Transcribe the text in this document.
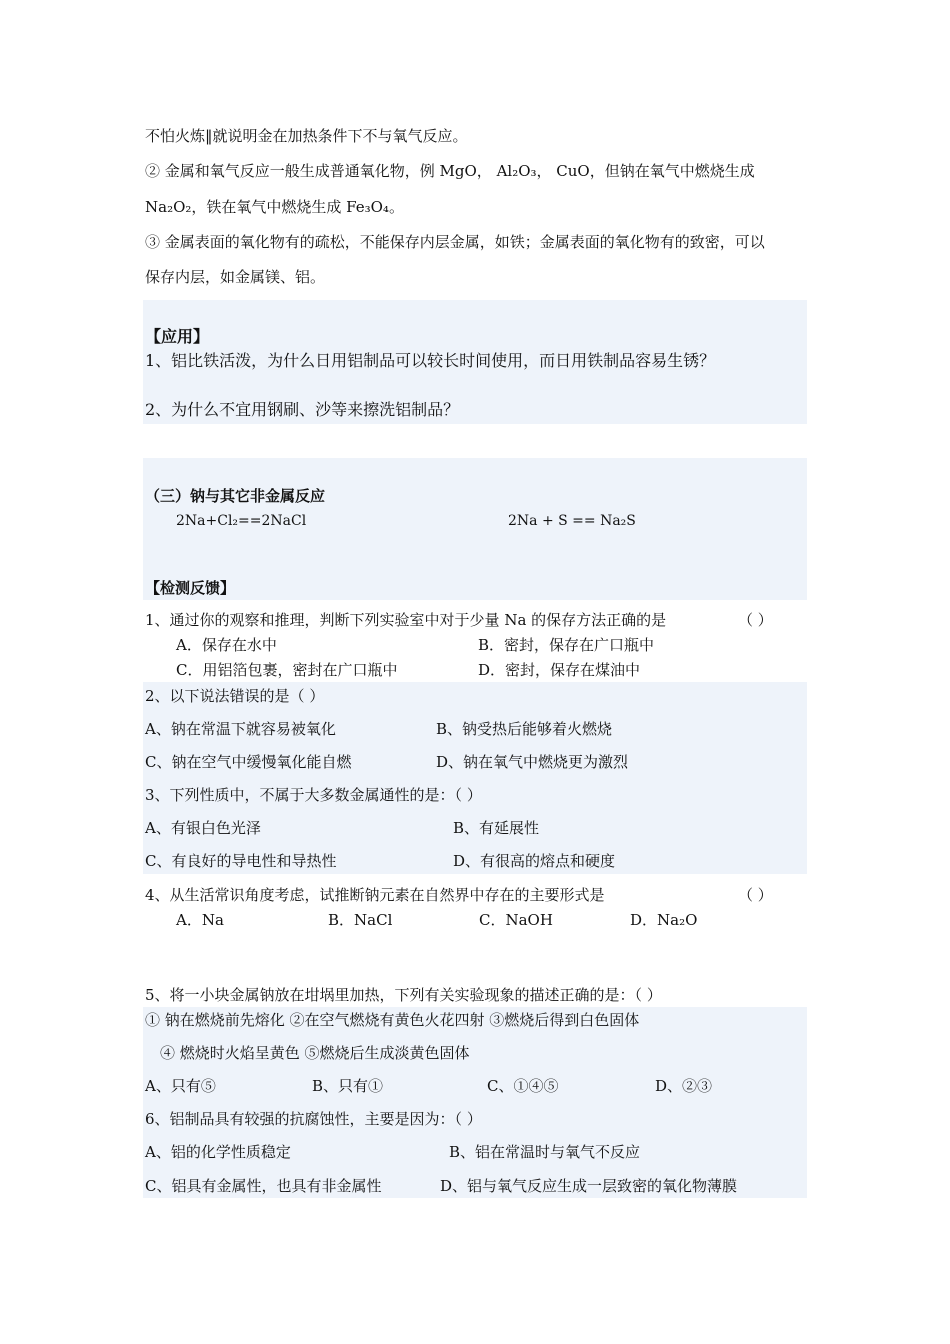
不怕火炼‖就说明金在加热条件下不与氧气反应。
② 金属和氧气反应一般生成普通氧化物，例 MgO， Al₂O₃， CuO，但钠在氧气中燃烧生成
Na₂O₂，铁在氧气中燃烧生成 Fe₃O₄。
③ 金属表面的氧化物有的疏松，不能保存内层金属，如铁；金属表面的氧化物有的致密，可以
保存内层，如金属镁、铝。
【应用】
1、铝比铁活泼，为什么日用铝制品可以较长时间使用，而日用铁制品容易生锈？
2、为什么不宜用钢刷、沙等来擦洗铝制品？
（三）钠与其它非金属反应
2Na+Cl₂==2NaCl	2Na + S == Na₂S
【检测反馈】
1、通过你的观察和推理，判断下列实验室中对于少量 Na 的保存方法正确的是	（ ）
A．保存在水中	B．密封，保存在广口瓶中
C．用铝箔包裹，密封在广口瓶中	D．密封，保存在煤油中
2、以下说法错误的是（ ）
A、钠在常温下就容易被氧化	B、钠受热后能够着火燃烧
C、钠在空气中缓慢氧化能自燃	D、钠在氧气中燃烧更为激烈
3、下列性质中，不属于大多数金属通性的是：（ ）
A、有银白色光泽	B、有延展性
C、有良好的导电性和导热性	D、有很高的熔点和硬度
4、从生活常识角度考虑，试推断钠元素在自然界中存在的主要形式是	（ ）
A．Na	B．NaCl	C．NaOH	D．Na₂O
5、将一小块金属钠放在坩埚里加热，下列有关实验现象的描述正确的是：（ ）
① 钠在燃烧前先熔化 ②在空气燃烧有黄色火花四射 ③燃烧后得到白色固体
④ 燃烧时火焰呈黄色 ⑤燃烧后生成淡黄色固体
A、只有⑤	B、只有①	C、①④⑤	D、②③
6、铝制品具有较强的抗腐蚀性，主要是因为：（ ）
A、铝的化学性质稳定	B、铝在常温时与氧气不反应
C、铝具有金属性，也具有非金属性	D、铝与氧气反应生成一层致密的氧化物薄膜
